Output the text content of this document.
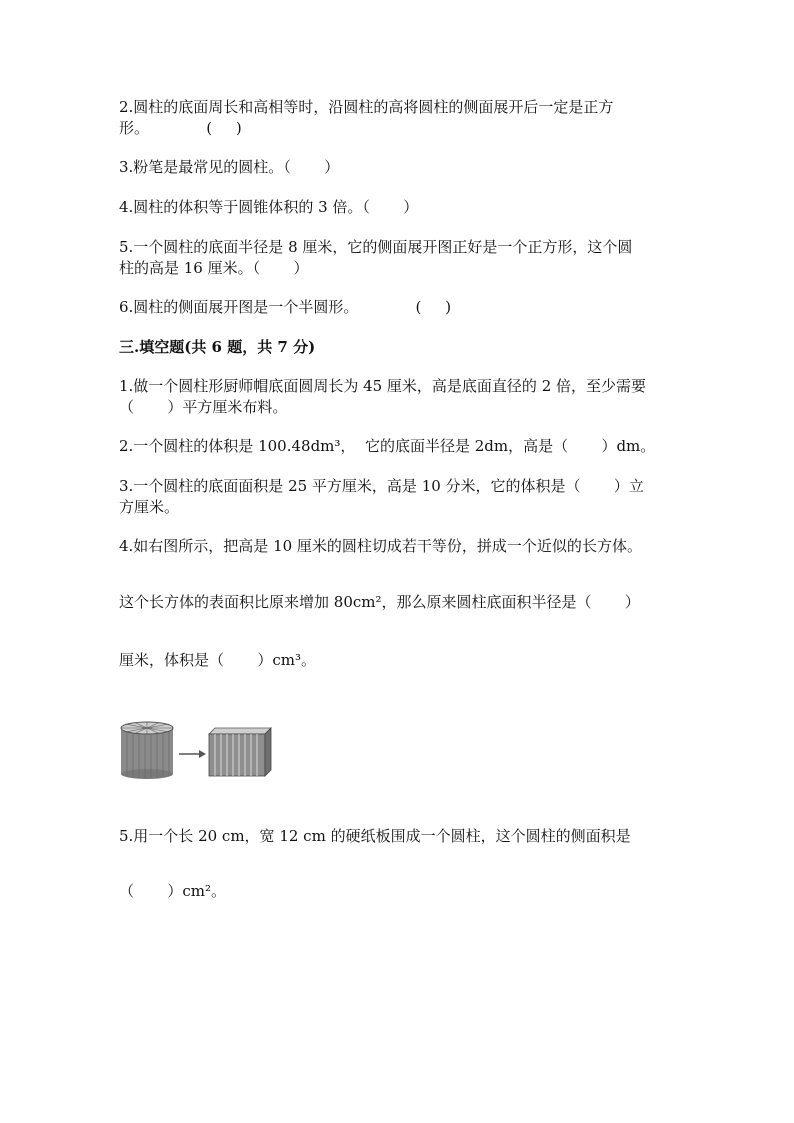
2.圆柱的底面周长和高相等时，沿圆柱的高将圆柱的侧面展开后一定是正方
形。            (     )
3.粉笔是最常见的圆柱。（       ）
4.圆柱的体积等于圆锥体积的 3 倍。（       ）
5.一个圆柱的底面半径是 8 厘米，它的侧面展开图正好是一个正方形，这个圆
柱的高是 16 厘米。（       ）
6.圆柱的侧面展开图是一个半圆形。            (     )
三.填空题(共 6 题，共 7 分)
1.做一个圆柱形厨师帽底面圆周长为 45 厘米，高是底面直径的 2 倍，至少需要
（       ）平方厘米布料。
2.一个圆柱的体积是 100.48dm³，  它的底面半径是 2dm，高是（       ）dm。
3.一个圆柱的底面面积是 25 平方厘米，高是 10 分米，它的体积是（       ）立
方厘米。
4.如右图所示，把高是 10 厘米的圆柱切成若干等份，拼成一个近似的长方体。
这个长方体的表面积比原来增加 80cm²，那么原来圆柱底面积半径是（       ）
厘米，体积是（       ）cm³。
5.用一个长 20 cm，宽 12 cm 的硬纸板围成一个圆柱，这个圆柱的侧面积是
（       ）cm²。
